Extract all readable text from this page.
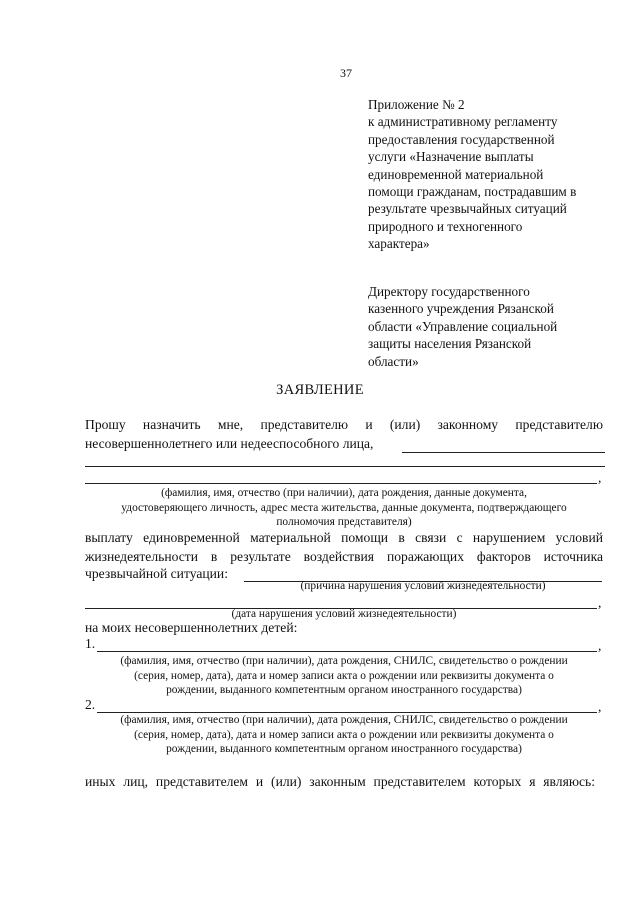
37
Приложение № 2
к административному регламенту
предоставления государственной
услуги «Назначение выплаты
единовременной материальной
помощи гражданам, пострадавшим в
результате чрезвычайных ситуаций
природного и техногенного
характера»
Директору государственного
казенного учреждения Рязанской
области «Управление социальной
защиты населения Рязанской
области»
ЗАЯВЛЕНИЕ
Прошу назначить мне, представителю и (или) законному представителю
несовершеннолетнего или недееспособного лица,
,
(фамилия, имя, отчество (при наличии), дата рождения, данные документа,
удостоверяющего личность, адрес места жительства, данные документа, подтверждающего
полномочия представителя)
выплату единовременной материальной помощи в связи с нарушением условий
жизнедеятельности в результате воздействия поражающих факторов источника
чрезвычайной ситуации:
(причина нарушения условий жизнедеятельности)
,
(дата нарушения условий жизнедеятельности)
на моих несовершеннолетних детей:
1.	,
(фамилия, имя, отчество (при наличии), дата рождения, СНИЛС, свидетельство о рождении
(серия, номер, дата), дата и номер записи акта о рождении или реквизиты документа о
рождении, выданного компетентным органом иностранного государства)
2.	,
(фамилия, имя, отчество (при наличии), дата рождения, СНИЛС, свидетельство о рождении
(серия, номер, дата), дата и номер записи акта о рождении или реквизиты документа о
рождении, выданного компетентным органом иностранного государства)
иных лиц, представителем и (или) законным представителем которых я являюсь:
